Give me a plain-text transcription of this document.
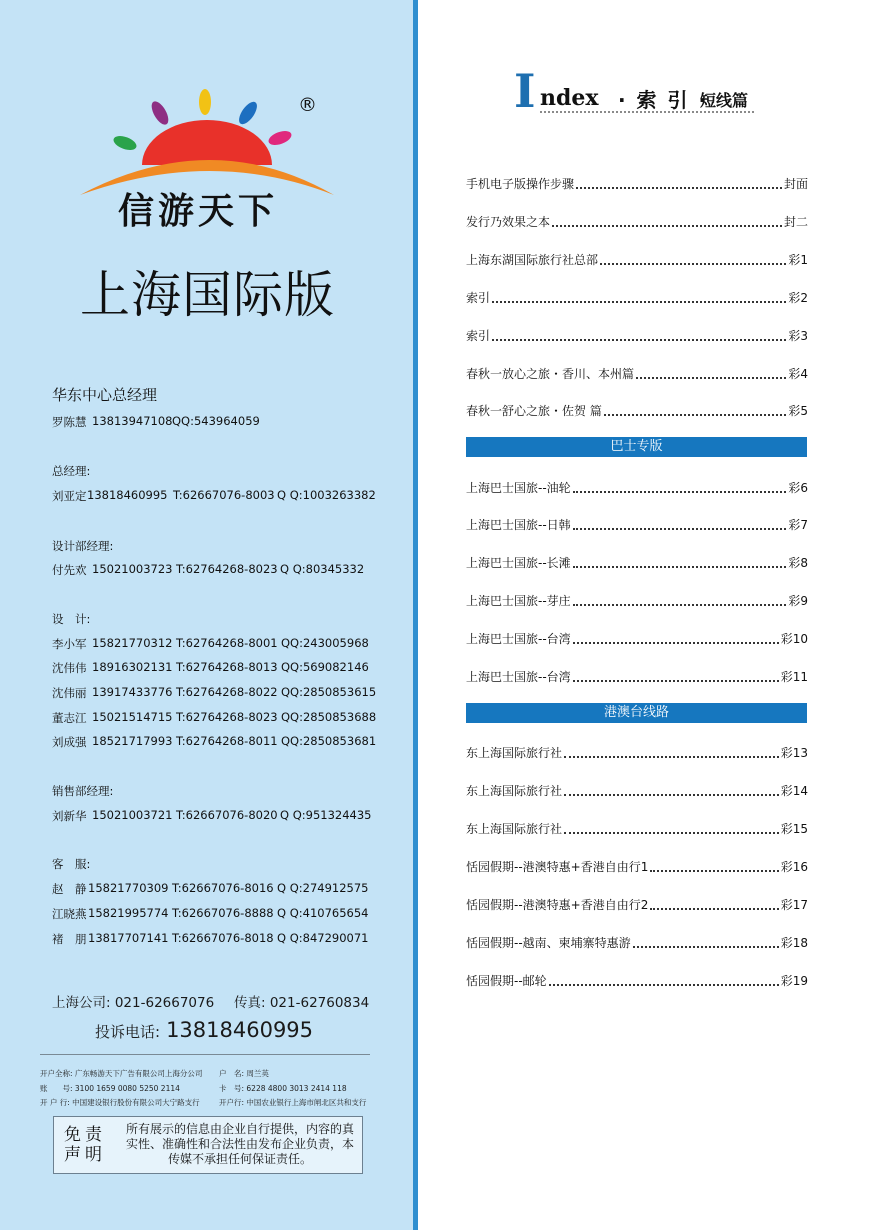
信游天下
®
上海国际版
华东中心总经理
罗陈慧 13813947108 QQ:543964059
总经理:
刘亚定 13818460995 T:62667076-8003 Q Q:1003263382
设计部经理:
付先欢 15021003723 T:62764268-8023 Q Q:80345332
设　计:
李小军 15821770312 T:62764268-8001 QQ:243005968
沈伟伟 18916302131 T:62764268-8013 QQ:569082146
沈伟丽 13917433776 T:62764268-8022 QQ:2850853615
董志江 15021514715 T:62764268-8023 QQ:2850853688
刘成强 18521717993 T:62764268-8011 QQ:2850853681
销售部经理:
刘新华 15021003721 T:62667076-8020 Q Q:951324435
客　服:
赵　静 15821770309 T:62667076-8016 Q Q:274912575
江晓燕 15821995774 T:62667076-8888 Q Q:410765654
褚　朋 13817707141 T:62667076-8018 Q Q:847290071
上海公司: 021-62667076 传真: 021-62760834
投诉电话: 13818460995
开户全称: 广东畅游天下广告有限公司上海分公司
账　　号: 3100 1659 0080 5250 2114
开 户 行: 中国建设银行股份有限公司大宁路支行
户　名: 周兰英
卡　号: 6228 4800 3013 2414 118
开户行: 中国农业银行上海市闸北区共和支行
免责声明
所有展示的信息由企业自行提供，内容的真实性、准确性和合法性由发布企业负责，本传媒不承担任何保证责任。
I ndex · 索 引 ·
短线篇
手机电子版操作步骤	封面
发行乃效果之本	封二
上海东湖国际旅行社总部	彩1
索引	彩2
索引	彩3
春秋一放心之旅・香川、本州篇	彩4
春秋一舒心之旅・佐贺 篇	彩5
巴士专版
上海巴士国旅--油轮	彩6
上海巴士国旅--日韩	彩7
上海巴士国旅--长滩	彩8
上海巴士国旅--芽庄	彩9
上海巴士国旅--台湾	彩10
上海巴士国旅--台湾	彩11
港澳台线路
东上海国际旅行社	彩13
东上海国际旅行社	彩14
东上海国际旅行社	彩15
恬园假期--港澳特惠+香港自由行1	彩16
恬园假期--港澳特惠+香港自由行2	彩17
恬园假期--越南、柬埔寨特惠游	彩18
恬园假期--邮轮	彩19
